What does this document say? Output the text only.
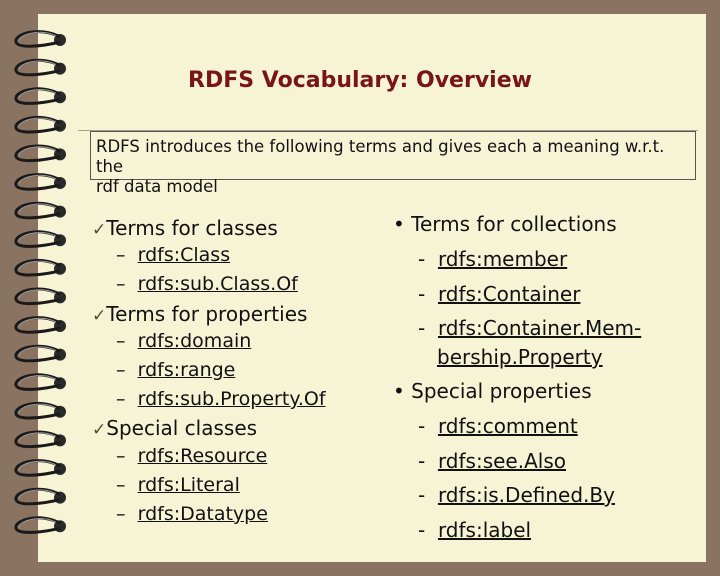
RDFS Vocabulary: Overview
RDFS introduces the following terms and gives each a meaning w.r.t. the
rdf data model
✓Terms for classes
– rdfs:Class
– rdfs:sub.Class.Of
✓Terms for properties
– rdfs:domain
– rdfs:range
– rdfs:sub.Property.Of
✓Special classes
– rdfs:Resource
– rdfs:Literal
– rdfs:Datatype
• Terms for collections
- rdfs:member
- rdfs:Container
- rdfs:Container.Mem-
bership.Property
• Special properties
- rdfs:comment
- rdfs:see.Also
- rdfs:is.Defined.By
- rdfs:label
